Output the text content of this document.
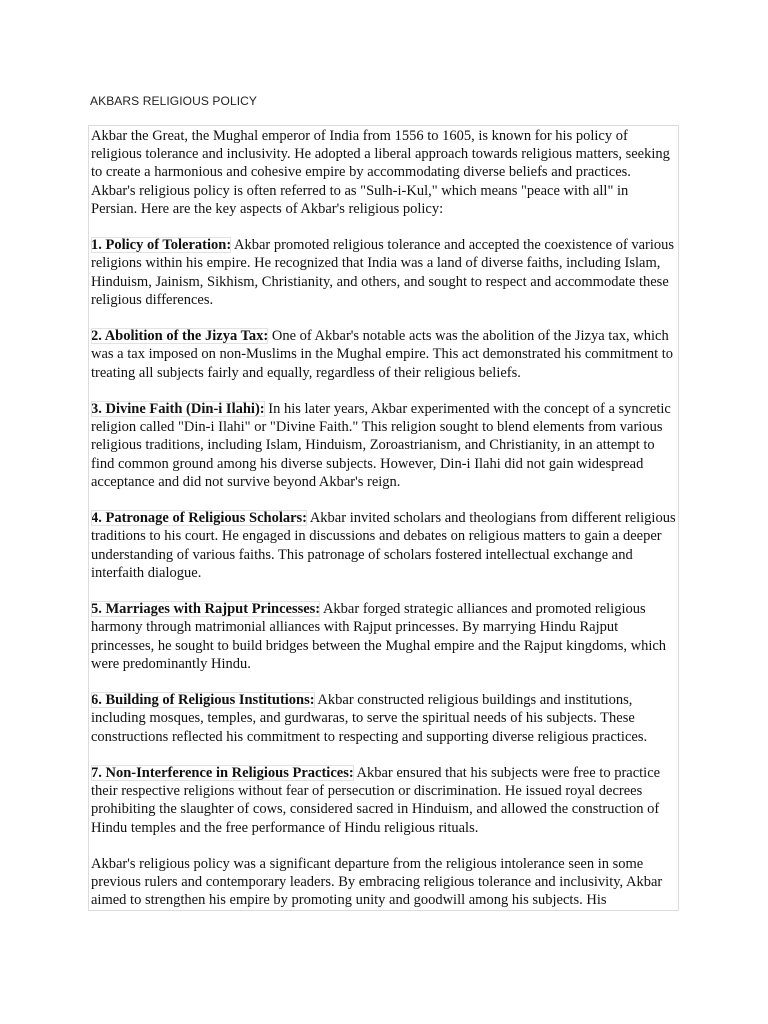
AKBARS RELIGIOUS POLICY

Akbar the Great, the Mughal emperor of India from 1556 to 1605, is known for his policy of religious tolerance and inclusivity. He adopted a liberal approach towards religious matters, seeking to create a harmonious and cohesive empire by accommodating diverse beliefs and practices. Akbar's religious policy is often referred to as "Sulh-i-Kul," which means "peace with all" in Persian. Here are the key aspects of Akbar's religious policy:

1. Policy of Toleration: Akbar promoted religious tolerance and accepted the coexistence of various religions within his empire. He recognized that India was a land of diverse faiths, including Islam, Hinduism, Jainism, Sikhism, Christianity, and others, and sought to respect and accommodate these religious differences.

2. Abolition of the Jizya Tax: One of Akbar's notable acts was the abolition of the Jizya tax, which was a tax imposed on non-Muslims in the Mughal empire. This act demonstrated his commitment to treating all subjects fairly and equally, regardless of their religious beliefs.

3. Divine Faith (Din-i Ilahi): In his later years, Akbar experimented with the concept of a syncretic religion called "Din-i Ilahi" or "Divine Faith." This religion sought to blend elements from various religious traditions, including Islam, Hinduism, Zoroastrianism, and Christianity, in an attempt to find common ground among his diverse subjects. However, Din-i Ilahi did not gain widespread acceptance and did not survive beyond Akbar's reign.

4. Patronage of Religious Scholars: Akbar invited scholars and theologians from different religious traditions to his court. He engaged in discussions and debates on religious matters to gain a deeper understanding of various faiths. This patronage of scholars fostered intellectual exchange and interfaith dialogue.

5. Marriages with Rajput Princesses: Akbar forged strategic alliances and promoted religious harmony through matrimonial alliances with Rajput princesses. By marrying Hindu Rajput princesses, he sought to build bridges between the Mughal empire and the Rajput kingdoms, which were predominantly Hindu.

6. Building of Religious Institutions: Akbar constructed religious buildings and institutions, including mosques, temples, and gurdwaras, to serve the spiritual needs of his subjects. These constructions reflected his commitment to respecting and supporting diverse religious practices.

7. Non-Interference in Religious Practices: Akbar ensured that his subjects were free to practice their respective religions without fear of persecution or discrimination. He issued royal decrees prohibiting the slaughter of cows, considered sacred in Hinduism, and allowed the construction of Hindu temples and the free performance of Hindu religious rituals.

Akbar's religious policy was a significant departure from the religious intolerance seen in some previous rulers and contemporary leaders. By embracing religious tolerance and inclusivity, Akbar aimed to strengthen his empire by promoting unity and goodwill among his subjects. His
